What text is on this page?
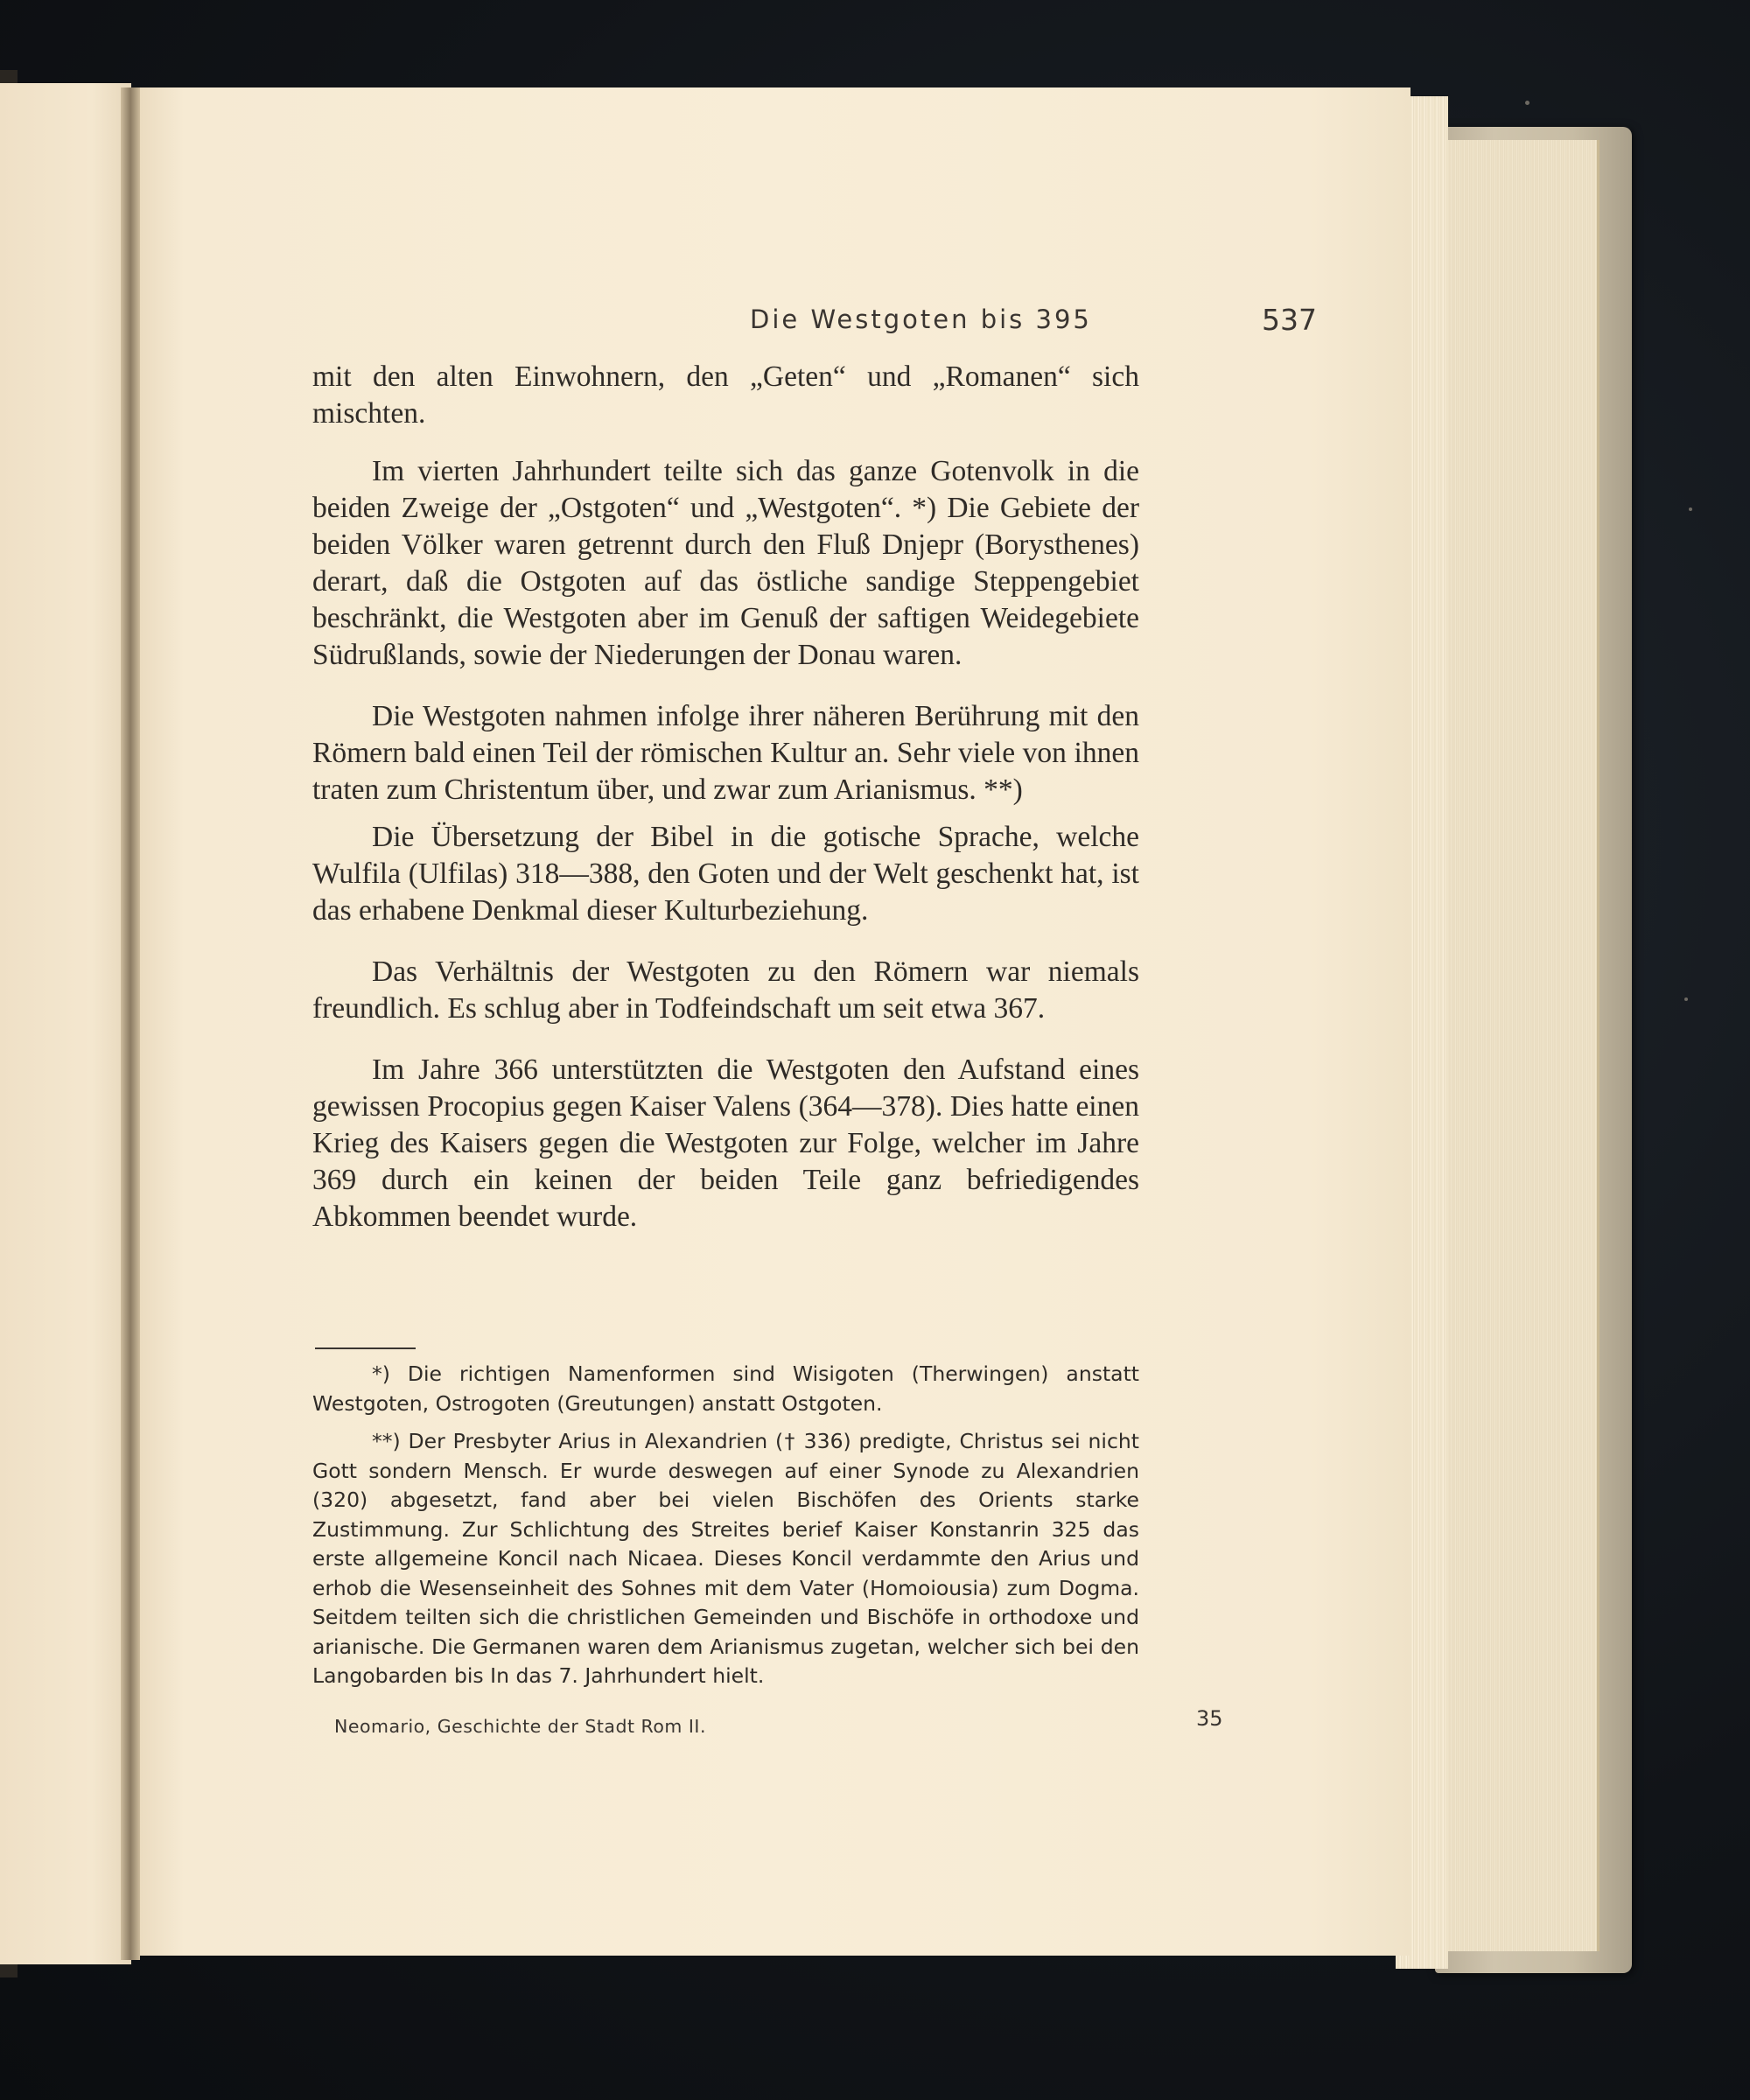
Die Westgoten bis 395	537

mit den alten Einwohnern, den „Geten“ und „Romanen“ sich mischten.

Im vierten Jahrhundert teilte sich das ganze Gotenvolk in die beiden Zweige der „Ostgoten“ und „Westgoten“. *) Die Gebiete der beiden Völker waren getrennt durch den Fluß Dnjepr (Borysthenes) derart, daß die Ostgoten auf das östliche sandige Steppengebiet beschränkt, die Westgoten aber im Genuß der saftigen Weidegebiete Südrußlands, sowie der Niederungen der Donau waren.

Die Westgoten nahmen infolge ihrer näheren Berührung mit den Römern bald einen Teil der römischen Kultur an. Sehr viele von ihnen traten zum Christentum über, und zwar zum Arianismus. **)

Die Übersetzung der Bibel in die gotische Sprache, welche Wulfila (Ulfilas) 318—388, den Goten und der Welt geschenkt hat, ist das erhabene Denkmal dieser Kulturbeziehung.

Das Verhältnis der Westgoten zu den Römern war niemals freundlich. Es schlug aber in Todfeindschaft um seit etwa 367.

Im Jahre 366 unterstützten die Westgoten den Aufstand eines gewissen Procopius gegen Kaiser Valens (364—378). Dies hatte einen Krieg des Kaisers gegen die Westgoten zur Folge, welcher im Jahre 369 durch ein keinen der beiden Teile ganz befriedigendes Abkommen beendet wurde.

*) Die richtigen Namenformen sind Wisigoten (Therwingen) anstatt Westgoten, Ostrogoten (Greutungen) anstatt Ostgoten.

**) Der Presbyter Arius in Alexandrien († 336) predigte, Christus sei nicht Gott sondern Mensch. Er wurde deswegen auf einer Synode zu Alexandrien (320) abgesetzt, fand aber bei vielen Bischöfen des Orients starke Zustimmung. Zur Schlichtung des Streites berief Kaiser Konstanrin 325 das erste allgemeine Koncil nach Nicaea. Dieses Koncil verdammte den Arius und erhob die Wesenseinheit des Sohnes mit dem Vater (Homoiousia) zum Dogma. Seitdem teilten sich die christlichen Gemeinden und Bischöfe in orthodoxe und arianische. Die Germanen waren dem Arianismus zugetan, welcher sich bei den Langobarden bis In das 7. Jahrhundert hielt.

Neomario, Geschichte der Stadt Rom II.	35
